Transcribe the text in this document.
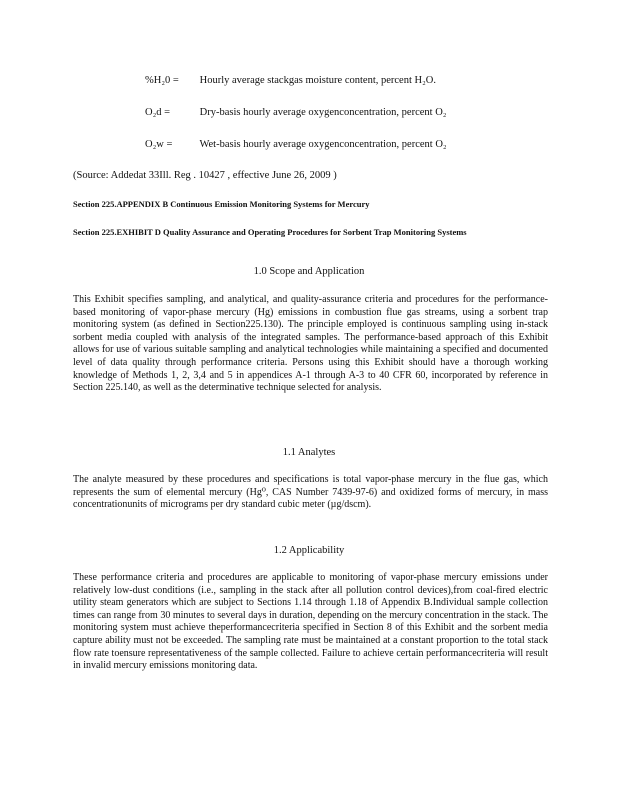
%H₂0 = Hourly average stackgas moisture content, percent H₂O.
O₂d =	Dry-basis hourly average oxygenconcentration, percent O₂
O₂w =	Wet-basis hourly average oxygenconcentration, percent O₂
(Source: Addedat 33Ill. Reg . 10427 , effective June 26, 2009 )
Section 225.APPENDIX B Continuous Emission Monitoring Systems for Mercury
Section 225.EXHIBIT D Quality Assurance and Operating Procedures for Sorbent Trap Monitoring Systems
1.0 Scope and Application
This Exhibit specifies sampling, and analytical, and quality-assurance criteria and procedures for the performance-based monitoring of vapor-phase mercury (Hg) emissions in combustion flue gas streams, using a sorbent trap monitoring system (as defined in Section225.130). The principle employed is continuous sampling using in-stack sorbent media coupled with analysis of the integrated samples. The performance-based approach of this Exhibit allows for use of various suitable sampling and analytical technologies while maintaining a specified and documented level of data quality through performance criteria. Persons using this Exhibit should have a thorough working knowledge of Methods 1, 2, 3,4 and 5 in appendices A-1 through A-3 to 40 CFR 60, incorporated by reference in Section 225.140, as well as the determinative technique selected for analysis.
1.1 Analytes
The analyte measured by these procedures and specifications is total vapor-phase mercury in the flue gas, which represents the sum of elemental mercury (Hg⁰, CAS Number 7439-97-6) and oxidized forms of mercury, in mass concentrationunits of micrograms per dry standard cubic meter (µg/dscm).
1.2 Applicability
These performance criteria and procedures are applicable to monitoring of vapor-phase mercury emissions under relatively low-dust conditions (i.e., sampling in the stack after all pollution control devices),from coal-fired electric utility steam generators which are subject to Sections 1.14 through 1.18 of Appendix B.Individual sample collection times can range from 30 minutes to several days in duration, depending on the mercury concentration in the stack. The monitoring system must achieve theperformancecriteria specified in Section 8 of this Exhibit and the sorbent media capture ability must not be exceeded. The sampling rate must be maintained at a constant proportion to the total stack flow rate toensure representativeness of the sample collected. Failure to achieve certain performancecriteria will result in invalid mercury emissions monitoring data.
